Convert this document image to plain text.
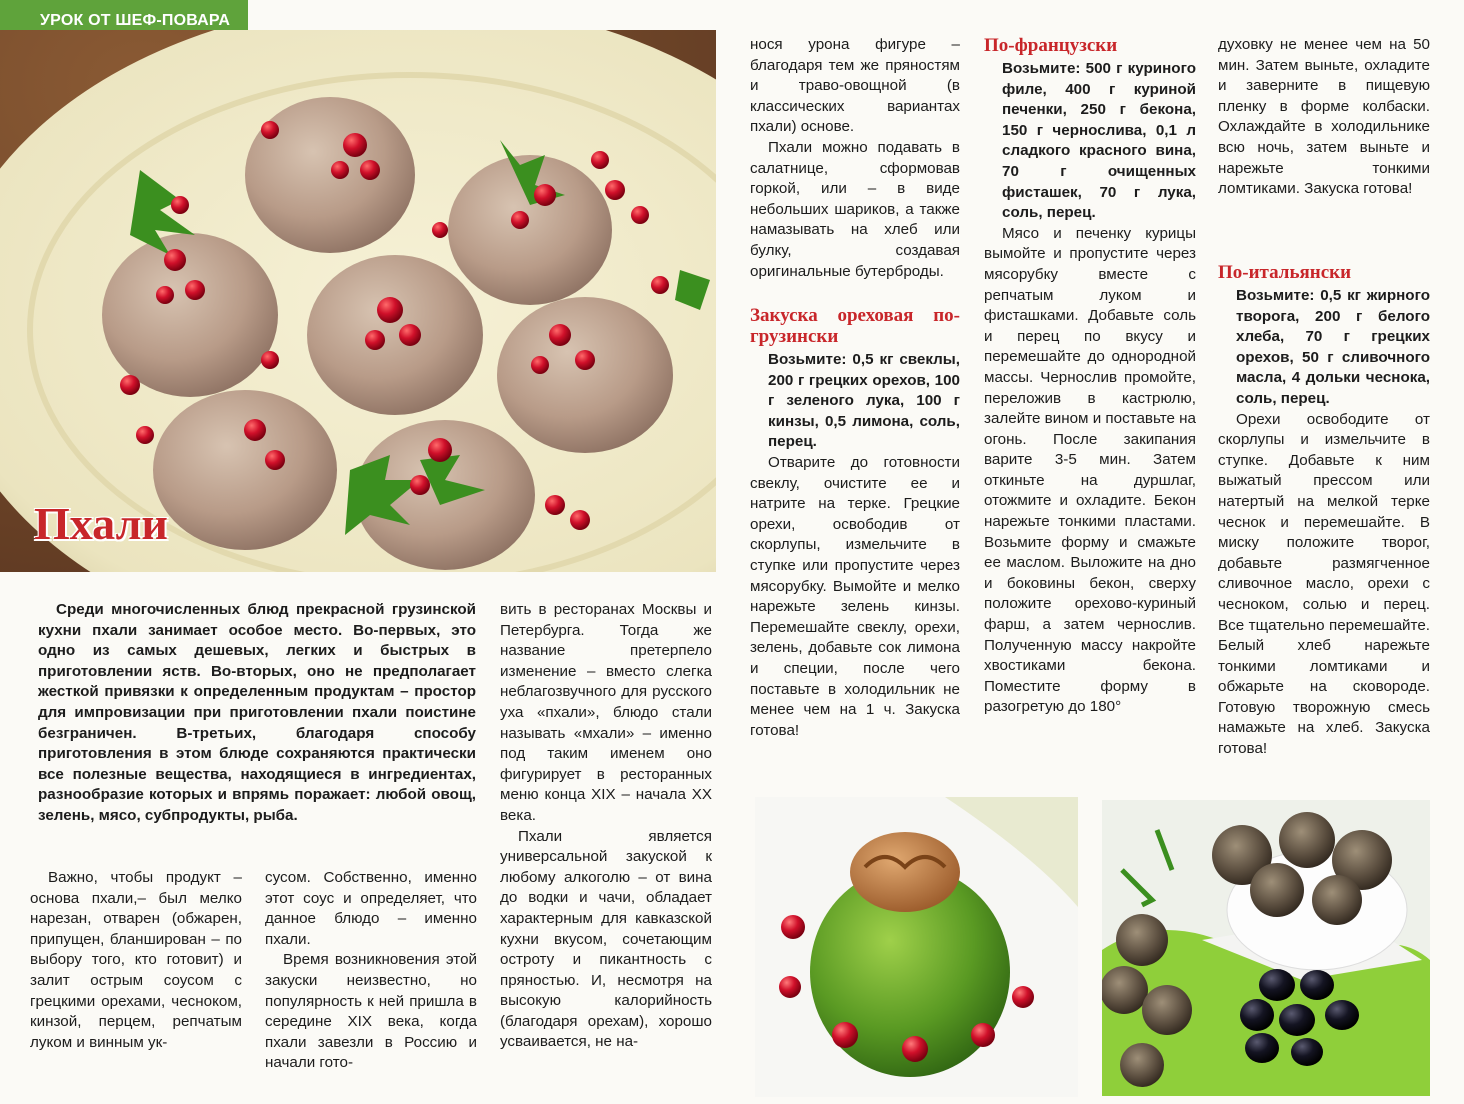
УРОК ОТ ШЕФ-ПОВАРА
Пхали

Среди многочисленных блюд прекрасной грузинской кухни пхали занимает особое место. Во-первых, это одно из самых дешевых, легких и быстрых в приготовлении яств. Во-вторых, оно не предполагает жесткой привязки к определенным продуктам – простор для импровизации при приготовлении пхали поистине безграничен. В-третьих, благодаря способу приготовления в этом блюде сохраняются практически все полезные вещества, находящиеся в ингредиентах, разнообразие которых и впрямь поражает: любой овощ, зелень, мясо, субпродукты, рыба.

Важно, чтобы продукт – основа пхали,– был мелко нарезан, отварен (обжарен, припущен, бланширован – по выбору того, кто готовит) и залит острым соусом с грецкими орехами, чесноком, кинзой, перцем, репчатым луком и винным ук-

сусом. Собственно, именно этот соус и определяет, что данное блюдо – именно пхали.

Время возникновения этой закуски неизвестно, но популярность к ней пришла в середине XIX века, когда пхали завезли в Россию и начали гото-

вить в ресторанах Москвы и Петербурга. Тогда же название претерпело изменение – вместо слегка неблагозвучного для русского уха «пхали», блюдо стали называть «мхали» – именно под таким именем оно фигурирует в ресторанных меню конца XIX – начала XX века.

Пхали является универсальной закуской к любому алкоголю – от вина до водки и чачи, обладает характерным для кавказской кухни вкусом, сочетающим остроту и пикантность с пряностью. И, несмотря на высокую калорийность (благодаря орехам), хорошо усваивается, не на-

нося урона фигуре – благодаря тем же пряностям и траво-овощной (в классических вариантах пхали) основе.

Пхали можно подавать в салатнице, сформовав горкой, или – в виде небольших шариков, а также намазывать на хлеб или булку, создавая оригинальные бутерброды.

Закуска ореховая по-грузински

Возьмите: 0,5 кг свеклы, 200 г грецких орехов, 100 г зеленого лука, 100 г кинзы, 0,5 лимона, соль, перец.

Отварите до готовности свеклу, очистите ее и натрите на терке. Грецкие орехи, освободив от скорлупы, измельчите в ступке или пропустите через мясорубку. Вымойте и мелко нарежьте зелень кинзы. Перемешайте свеклу, орехи, зелень, добавьте сок лимона и специи, после чего поставьте в холодильник не менее чем на 1 ч. Закуска готова!

По-французски

Возьмите: 500 г куриного филе, 400 г куриной печенки, 250 г бекона, 150 г чернослива, 0,1 л сладкого красного вина, 70 г очищенных фисташек, 70 г лука, соль, перец.

Мясо и печенку курицы вымойте и пропустите через мясорубку вместе с репчатым луком и фисташками. Добавьте соль и перец по вкусу и перемешайте до однородной массы. Чернослив промойте, переложив в кастрюлю, залейте вином и поставьте на огонь. После закипания варите 3-5 мин. Затем откиньте на дуршлаг, отожмите и охладите. Бекон нарежьте тонкими пластами. Возьмите форму и смажьте ее маслом. Выложите на дно и боковины бекон, сверху положите орехово-куриный фарш, а затем чернослив. Полученную массу накройте хвостиками бекона. Поместите форму в разогретую до 180°

духовку не менее чем на 50 мин. Затем выньте, охладите и заверните в пищевую пленку в форме колбаски. Охлаждайте в холодильнике всю ночь, затем выньте и нарежьте тонкими ломтиками. Закуска готова!

По-итальянски

Возьмите: 0,5 кг жирного творога, 200 г белого хлеба, 70 г грецких орехов, 50 г сливочного масла, 4 дольки чеснока, соль, перец.

Орехи освободите от скорлупы и измельчите в ступке. Добавьте к ним выжатый прессом или натертый на мелкой терке чеснок и перемешайте. В миску положите творог, добавьте размягченное сливочное масло, орехи с чесноком, солью и перец. Все тщательно перемешайте. Белый хлеб нарежьте тонкими ломтиками и обжарьте на сковороде. Готовую творожную смесь намажьте на хлеб. Закуска готова!
